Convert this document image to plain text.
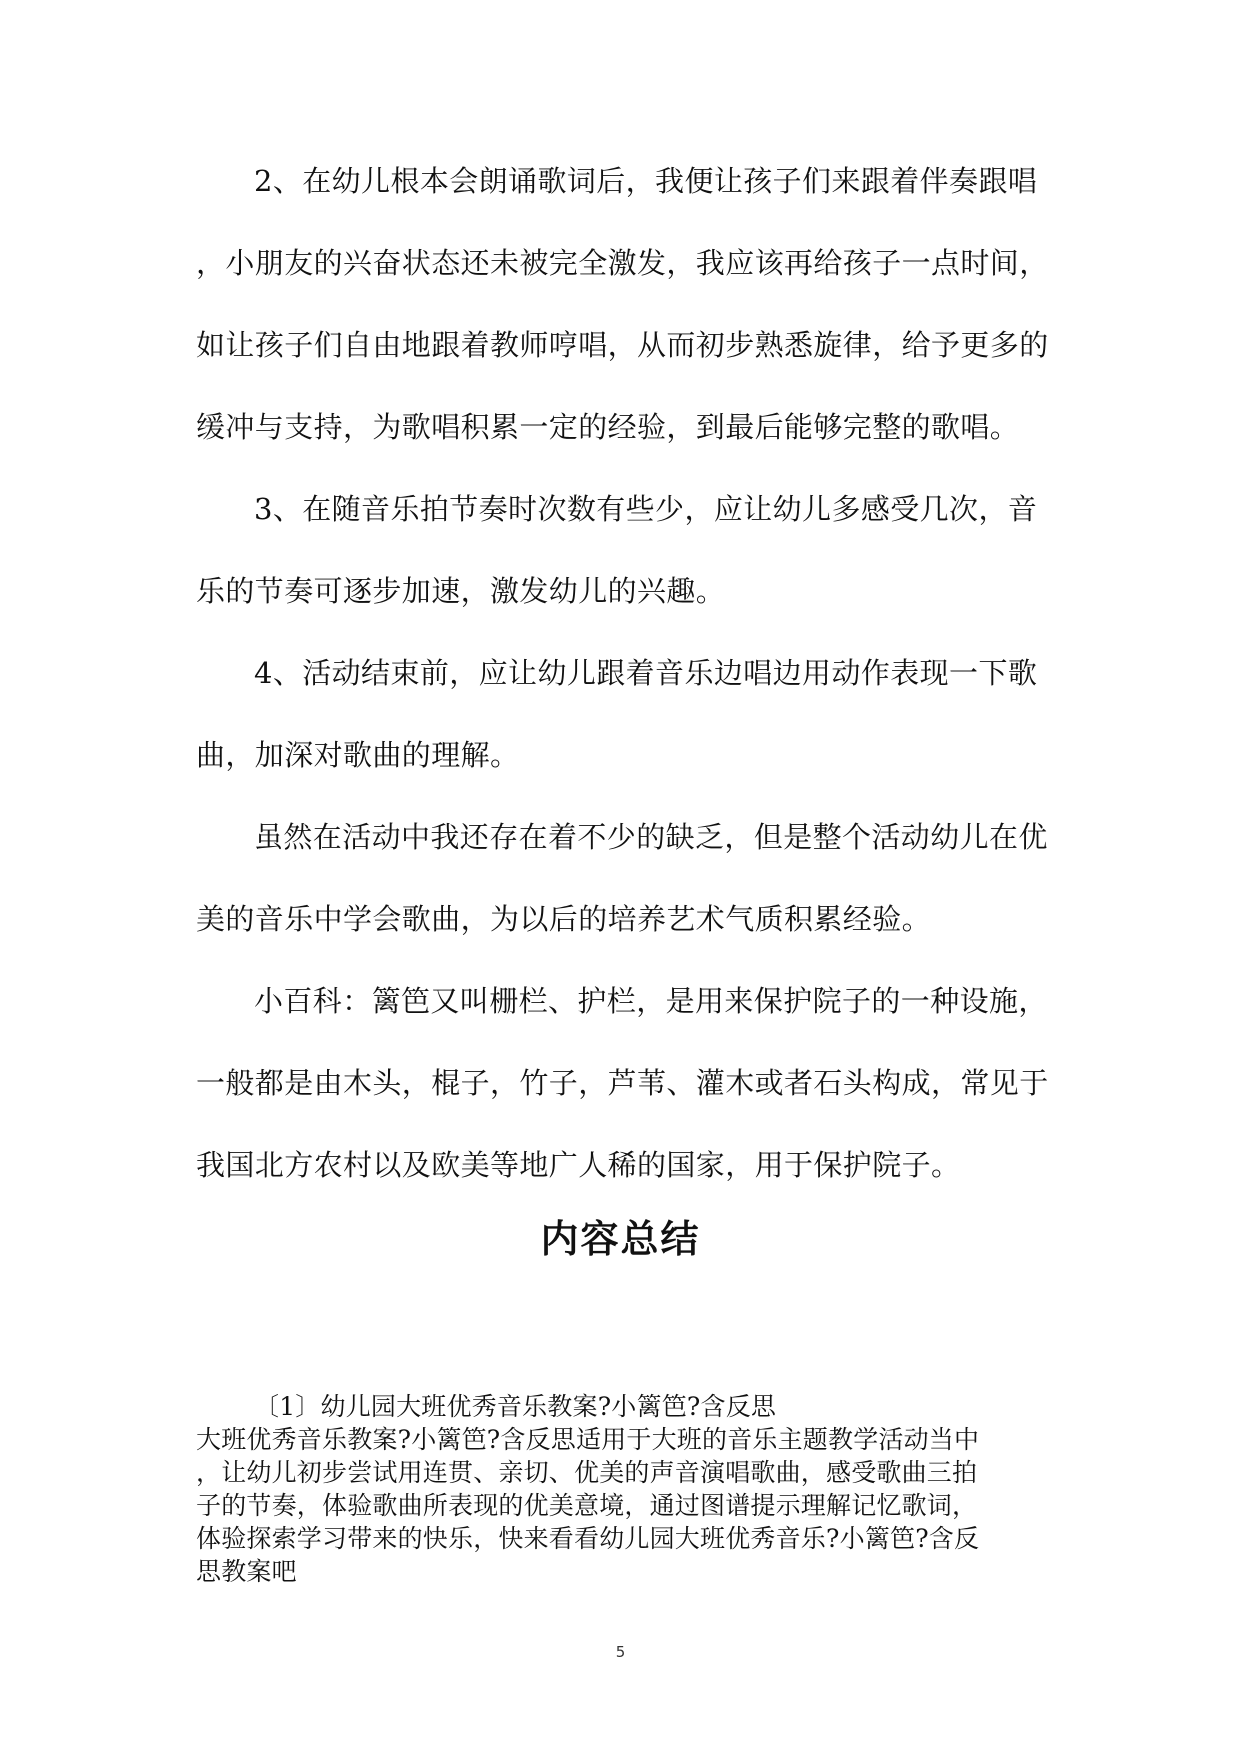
2、在幼儿根本会朗诵歌词后，我便让孩子们来跟着伴奏跟唱
，小朋友的兴奋状态还未被完全激发，我应该再给孩子一点时间，
如让孩子们自由地跟着教师哼唱，从而初步熟悉旋律，给予更多的
缓冲与支持，为歌唱积累一定的经验，到最后能够完整的歌唱。
3、在随音乐拍节奏时次数有些少，应让幼儿多感受几次，音
乐的节奏可逐步加速，激发幼儿的兴趣。
4、活动结束前，应让幼儿跟着音乐边唱边用动作表现一下歌
曲，加深对歌曲的理解。
虽然在活动中我还存在着不少的缺乏，但是整个活动幼儿在优
美的音乐中学会歌曲，为以后的培养艺术气质积累经验。
小百科：篱笆又叫栅栏、护栏，是用来保护院子的一种设施，
一般都是由木头，棍子，竹子，芦苇、灌木或者石头构成，常见于
我国北方农村以及欧美等地广人稀的国家，用于保护院子。
内容总结
〔1〕幼儿园大班优秀音乐教案?小篱笆?含反思
大班优秀音乐教案?小篱笆?含反思适用于大班的音乐主题教学活动当中
，让幼儿初步尝试用连贯、亲切、优美的声音演唱歌曲，感受歌曲三拍
子的节奏，体验歌曲所表现的优美意境，通过图谱提示理解记忆歌词，
体验探索学习带来的快乐，快来看看幼儿园大班优秀音乐?小篱笆?含反
思教案吧
5
